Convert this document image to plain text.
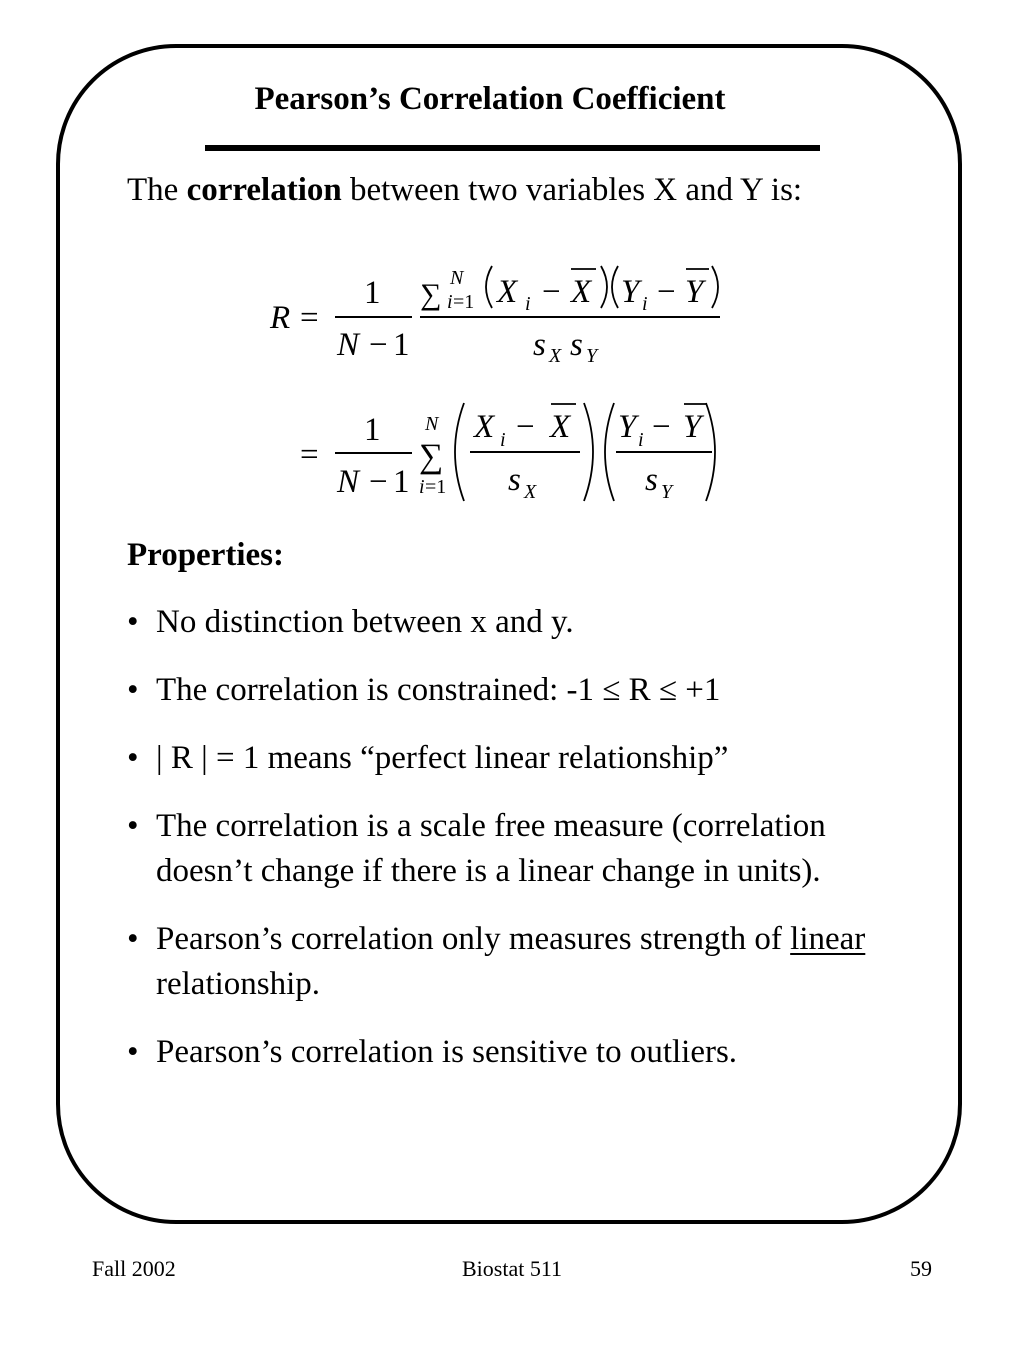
Pearson’s Correlation Coefficient
The correlation between two variables X and Y is:
R =
1
N − 1
∑ N
i =1 X i − X Y i − Y
s X s Y
=
1
N − 1
N
∑
i =1
X i − X
s X
Y i − Y
s Y
Properties:
• No distinction between x and y.
• The correlation is constrained: -1 ≤ R ≤ +1
• | R | = 1 means “perfect linear relationship”
• The correlation is a scale free measure (correlation doesn’t change if there is a linear change in units).
• Pearson’s correlation only measures strength of linear relationship.
• Pearson’s correlation is sensitive to outliers.
Fall 2002	Biostat 511	59
